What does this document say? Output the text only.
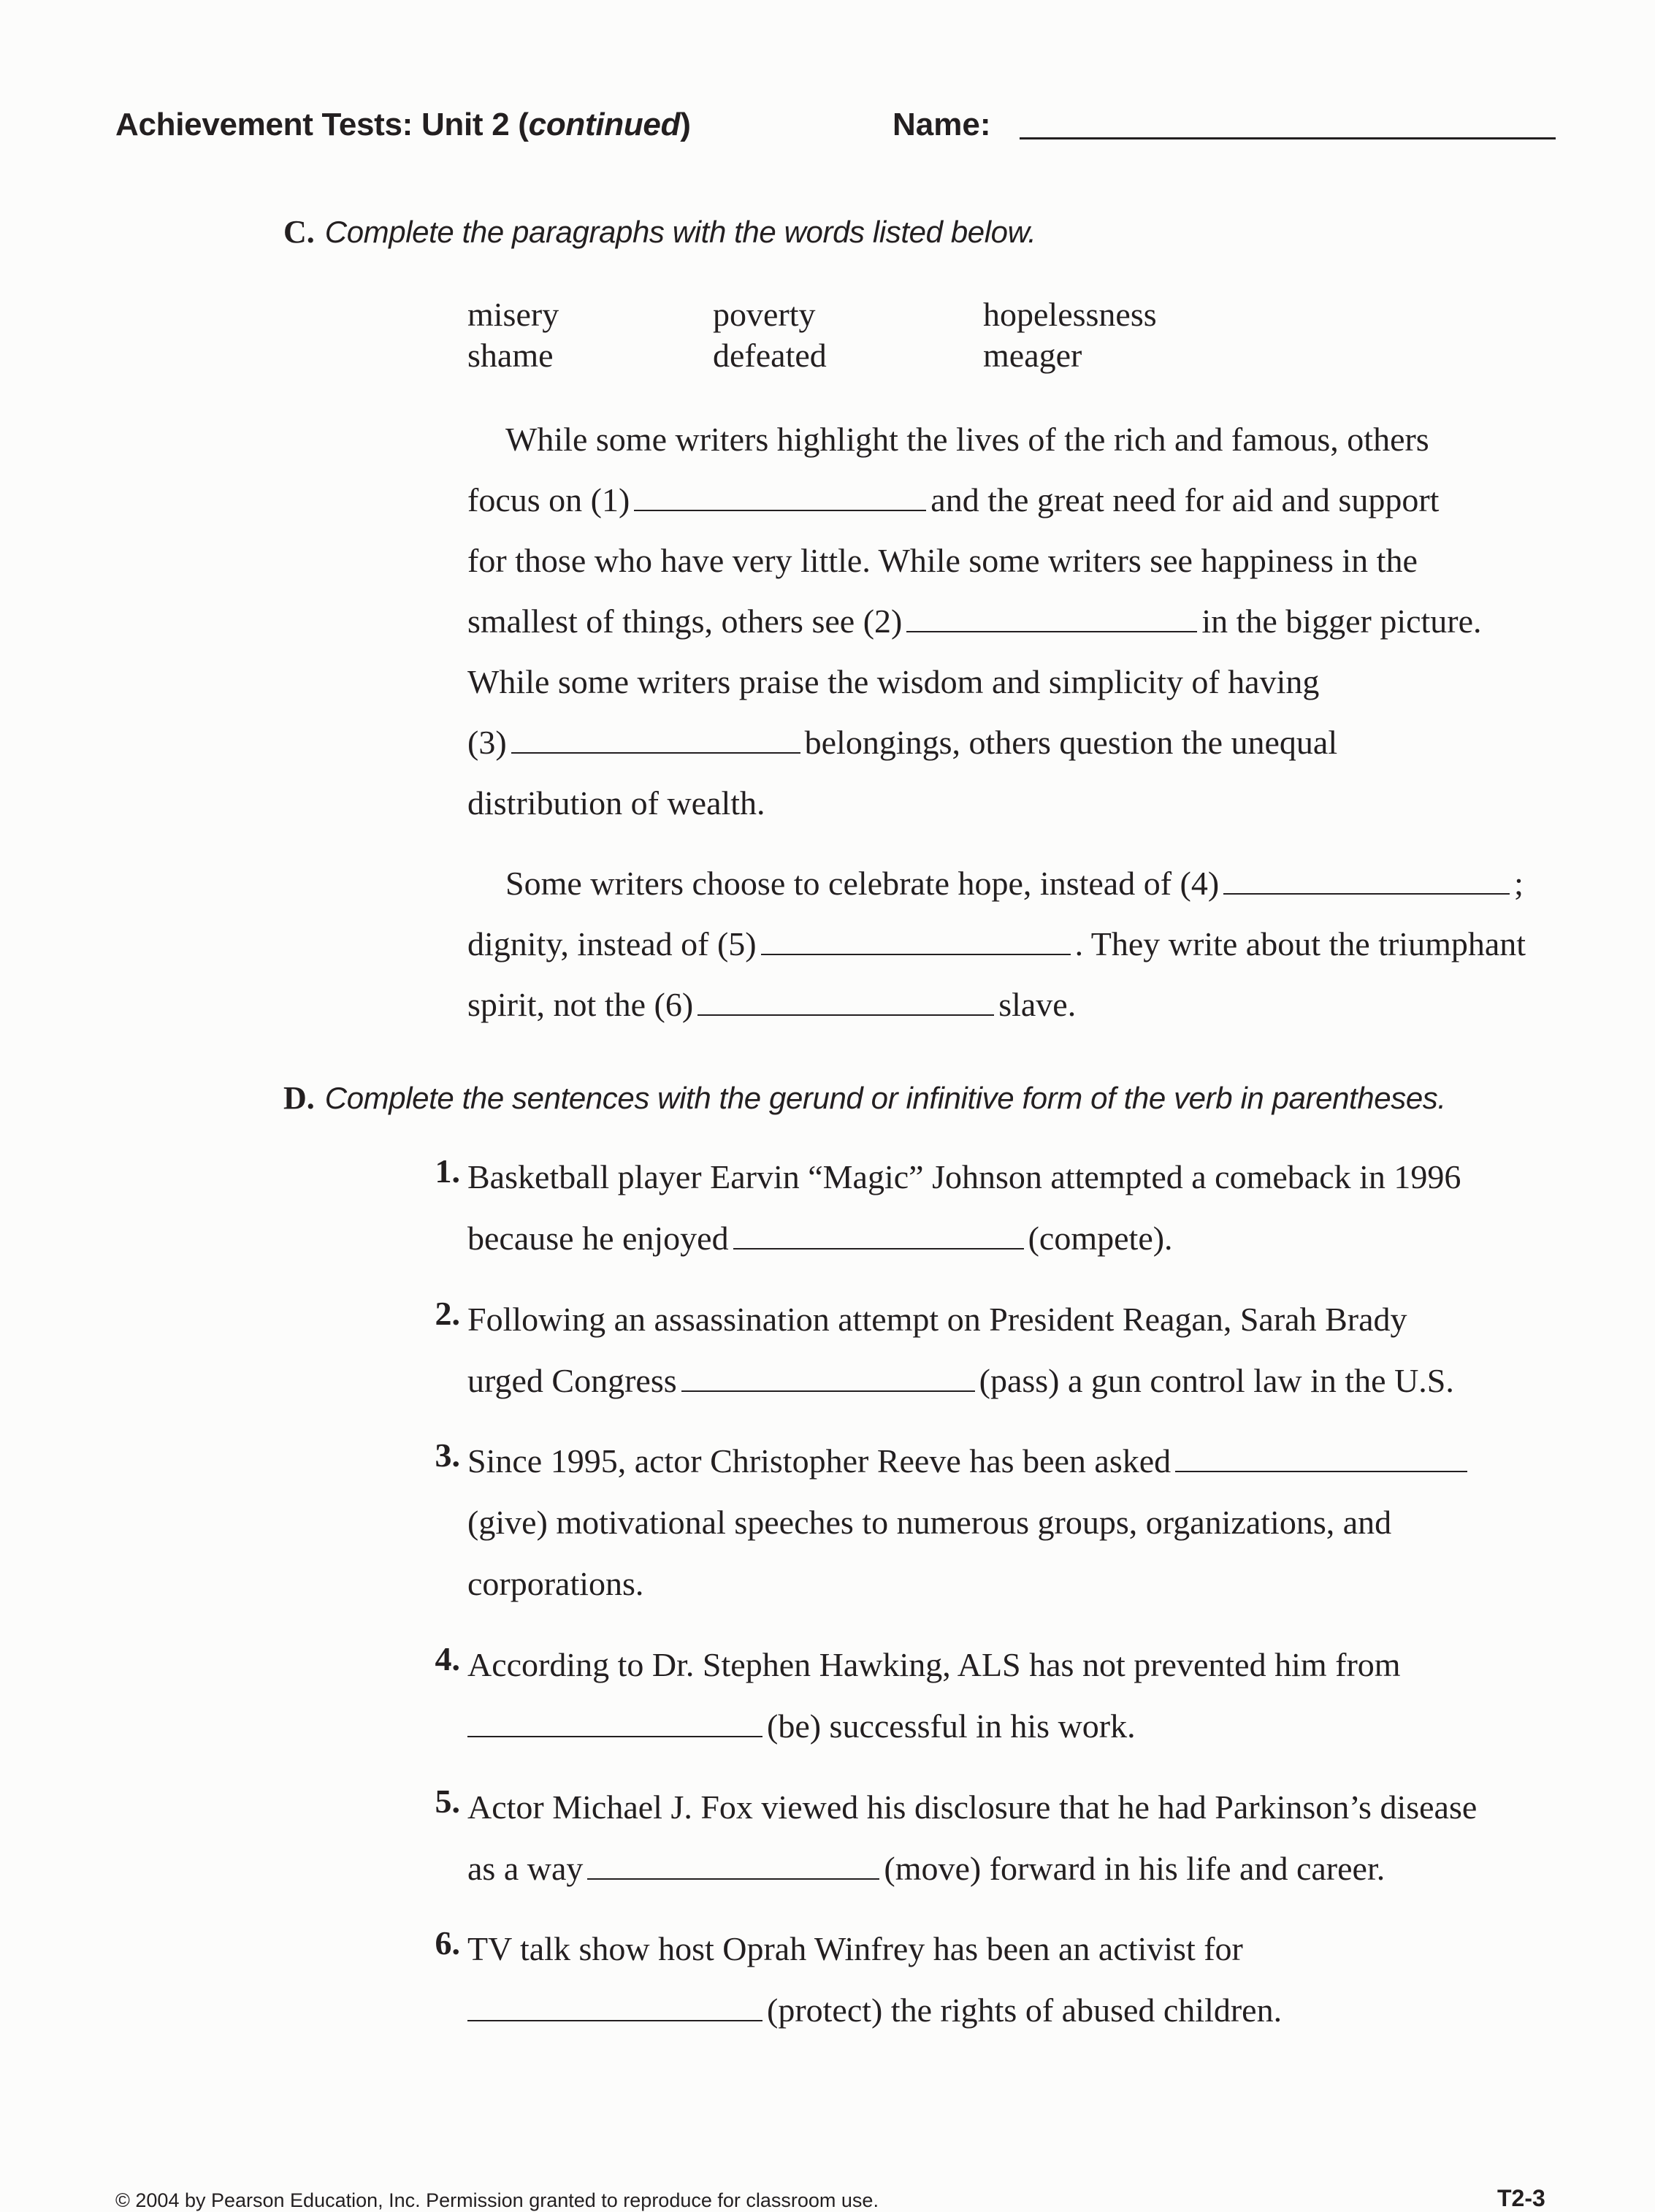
Achievement Tests: Unit 2 (continued)	Name:
C. Complete the paragraphs with the words listed below.
misery	poverty	hopelessness
shame	defeated	meager
While some writers highlight the lives of the rich and famous, others
focus on (1)	and the great need for aid and support
for those who have very little. While some writers see happiness in the
smallest of things, others see (2)	in the bigger picture.
While some writers praise the wisdom and simplicity of having
(3)	belongings, others question the unequal
distribution of wealth.
Some writers choose to celebrate hope, instead of (4)	;
dignity, instead of (5)	. They write about the triumphant
spirit, not the (6)	slave.
D. Complete the sentences with the gerund or infinitive form of the verb in parentheses.
1. Basketball player Earvin “Magic” Johnson attempted a comeback in 1996
because he enjoyed	(compete).
2. Following an assassination attempt on President Reagan, Sarah Brady
urged Congress	(pass) a gun control law in the U.S.
3. Since 1995, actor Christopher Reeve has been asked
(give) motivational speeches to numerous groups, organizations, and
corporations.
4. According to Dr. Stephen Hawking, ALS has not prevented him from
(be) successful in his work.
5. Actor Michael J. Fox viewed his disclosure that he had Parkinson’s disease
as a way	(move) forward in his life and career.
6. TV talk show host Oprah Winfrey has been an activist for
(protect) the rights of abused children.
© 2004 by Pearson Education, Inc. Permission granted to reproduce for classroom use.	T2-3
